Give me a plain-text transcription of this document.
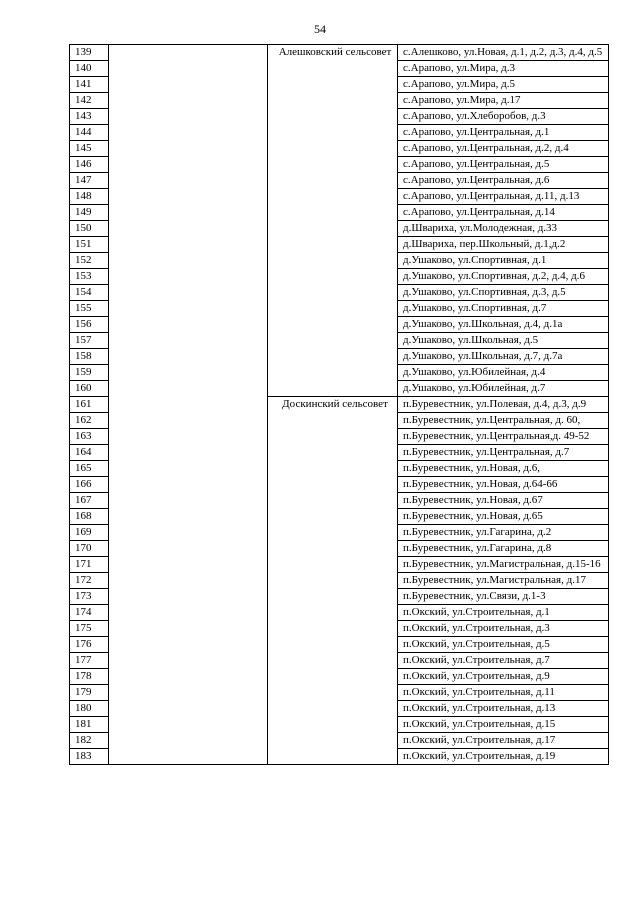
54
139		Алешковский сельсовет	с.Алешково, ул.Новая, д.1, д.2, д.3, д.4, д.5
140			с.Арапово, ул.Мира, д.3
141			с.Арапово, ул.Мира, д.5
142			с.Арапово, ул.Мира, д.17
143			с.Арапово, ул.Хлеборобов, д.3
144			с.Арапово, ул.Центральная, д.1
145			с.Арапово, ул.Центральная, д.2, д.4
146			с.Арапово, ул.Центральная, д.5
147			с.Арапово, ул.Центральная, д.6
148			с.Арапово, ул.Центральная, д.11, д.13
149			с.Арапово, ул.Центральная, д.14
150			д.Швариха, ул.Молодежная, д.33
151			д.Швариха, пер.Школьный, д.1,д.2
152			д.Ушаково, ул.Спортивная, д.1
153			д.Ушаково, ул.Спортивная, д.2, д.4, д.6
154			д.Ушаково, ул.Спортивная, д.3, д.5
155			д.Ушаково, ул.Спортивная, д.7
156			д.Ушаково, ул.Школьная, д.4, д.1а
157			д.Ушаково, ул.Школьная, д.5
158			д.Ушаково, ул.Школьная, д.7, д.7а
159			д.Ушаково, ул.Юбилейная, д.4
160			д.Ушаково, ул.Юбилейная, д.7
161		Доскинский сельсовет	п.Буревестник, ул.Полевая, д.4, д.3, д.9
162			п.Буревестник, ул.Центральная, д. 60,
163			п.Буревестник, ул.Центральная,д. 49-52
164			п.Буревестник, ул.Центральная, д.7
165			п.Буревестник, ул.Новая, д.6,
166			п.Буревестник, ул.Новая, д.64-66
167			п.Буревестник, ул.Новая, д.67
168			п.Буревестник, ул.Новая, д.65
169			п.Буревестник, ул.Гагарина, д.2
170			п.Буревестник, ул.Гагарина, д.8
171			п.Буревестник, ул.Магистральная, д.15-16
172			п.Буревестник, ул.Магистральная, д.17
173			п.Буревестник, ул.Связи, д.1-3
174			п.Окский, ул.Строительная, д.1
175			п.Окский, ул.Строительная, д.3
176			п.Окский, ул.Строительная, д.5
177			п.Окский, ул.Строительная, д.7
178			п.Окский, ул.Строительная, д.9
179			п.Окский, ул.Строительная, д.11
180			п.Окский, ул.Строительная, д.13
181			п.Окский, ул.Строительная, д.15
182			п.Окский, ул.Строительная, д.17
183			п.Окский, ул.Строительная, д.19
